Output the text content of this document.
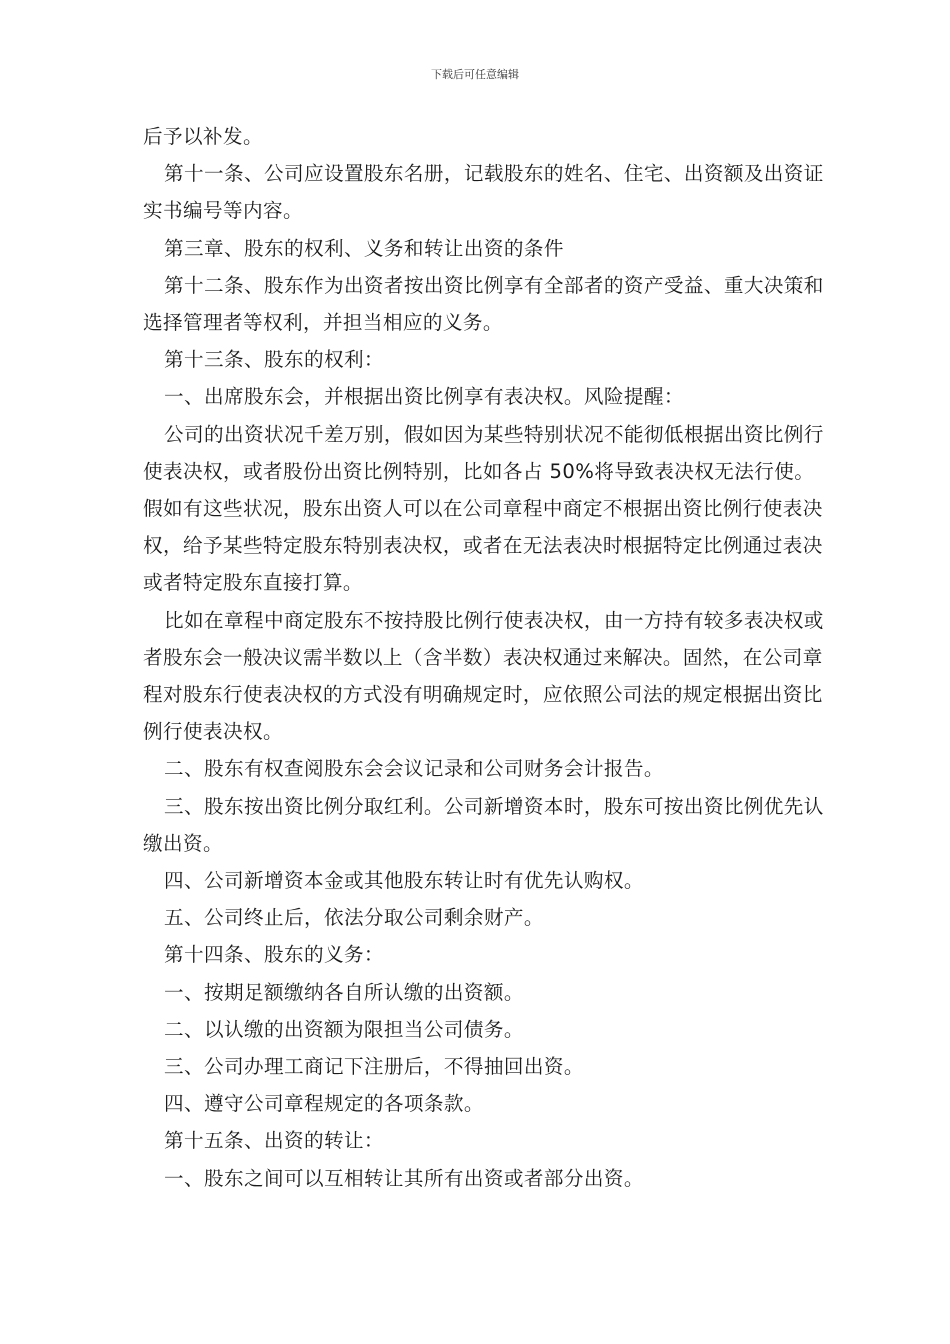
下载后可任意编辑

后予以补发。

第十一条、公司应设置股东名册，记载股东的姓名、住宅、出资额及出资证实书编号等内容。

第三章、股东的权利、义务和转让出资的条件

第十二条、股东作为出资者按出资比例享有全部者的资产受益、重大决策和选择管理者等权利，并担当相应的义务。

第十三条、股东的权利：

一、出席股东会，并根据出资比例享有表决权。风险提醒：

公司的出资状况千差万别，假如因为某些特别状况不能彻低根据出资比例行使表决权，或者股份出资比例特别，比如各占 50%将导致表决权无法行使。假如有这些状况，股东出资人可以在公司章程中商定不根据出资比例行使表决权，给予某些特定股东特别表决权，或者在无法表决时根据特定比例通过表决或者特定股东直接打算。

比如在章程中商定股东不按持股比例行使表决权，由一方持有较多表决权或者股东会一般决议需半数以上（含半数）表决权通过来解决。固然，在公司章程对股东行使表决权的方式没有明确规定时，应依照公司法的规定根据出资比例行使表决权。

二、股东有权查阅股东会会议记录和公司财务会计报告。

三、股东按出资比例分取红利。公司新增资本时，股东可按出资比例优先认缴出资。

四、公司新增资本金或其他股东转让时有优先认购权。

五、公司终止后，依法分取公司剩余财产。

第十四条、股东的义务：

一、按期足额缴纳各自所认缴的出资额。

二、以认缴的出资额为限担当公司债务。

三、公司办理工商记下注册后，不得抽回出资。

四、遵守公司章程规定的各项条款。

第十五条、出资的转让：

一、股东之间可以互相转让其所有出资或者部分出资。
